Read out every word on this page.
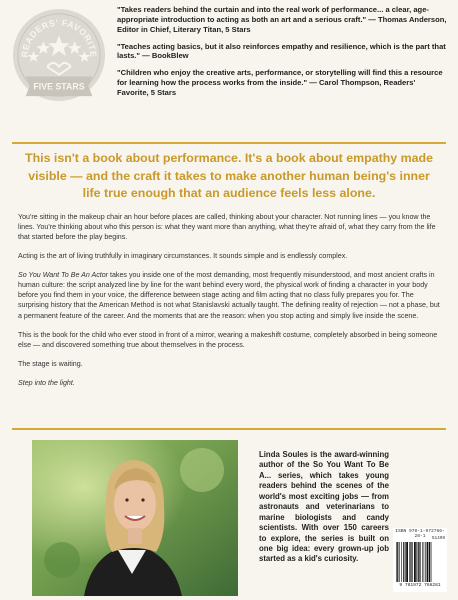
READERS' FAVORITE
FIVE STARS

"Takes readers behind the curtain and into the real work of performance... a clear, age-appropriate introduction to acting as both an art and a serious craft." — Thomas Anderson, Editor in Chief, Literary Titan, 5 Stars

"Teaches acting basics, but it also reinforces empathy and resilience, which is the part that lasts." — BookBlew

"Children who enjoy the creative arts, performance, or storytelling will find this a resource for learning how the process works from the inside." — Carol Thompson, Readers' Favorite, 5 Stars

This isn't a book about performance. It's a book about empathy made visible — and the craft it takes to make another human being's inner life true enough that an audience feels less alone.

You're sitting in the makeup chair an hour before places are called, thinking about your character. Not running lines — you know the lines. You're thinking about who this person is: what they want more than anything, what they're afraid of, what they carry from the life that started before the play begins.

Acting is the art of living truthfully in imaginary circumstances. It sounds simple and is endlessly complex.

So You Want To Be An Actor takes you inside one of the most demanding, most frequently misunderstood, and most ancient crafts in human culture: the script analyzed line by line for the want behind every word, the physical work of finding a character in your body before you find them in your voice, the difference between stage acting and film acting that no class fully prepares you for. The surprising history that the American Method is not what Stanislavski actually taught. The defining reality of rejection — not a phase, but a permanent feature of the career. And the moments that are the reason: when you stop acting and simply live inside the scene.

This is the book for the child who ever stood in front of a mirror, wearing a makeshift costume, completely absorbed in being someone else — and discovered something true about themselves in the process.

The stage is waiting.

Step into the light.

Linda Soules is the award-winning author of the So You Want To Be A... series, which takes young readers behind the scenes of the world's most exciting jobs — from astronauts and veterinarians to marine biologists and candy scientists. With over 150 careers to explore, the series is built on one big idea: every grown-up job started as a kid's curiosity.
ISBN 978-1-972766-28-1	51499
9 781972 766281
